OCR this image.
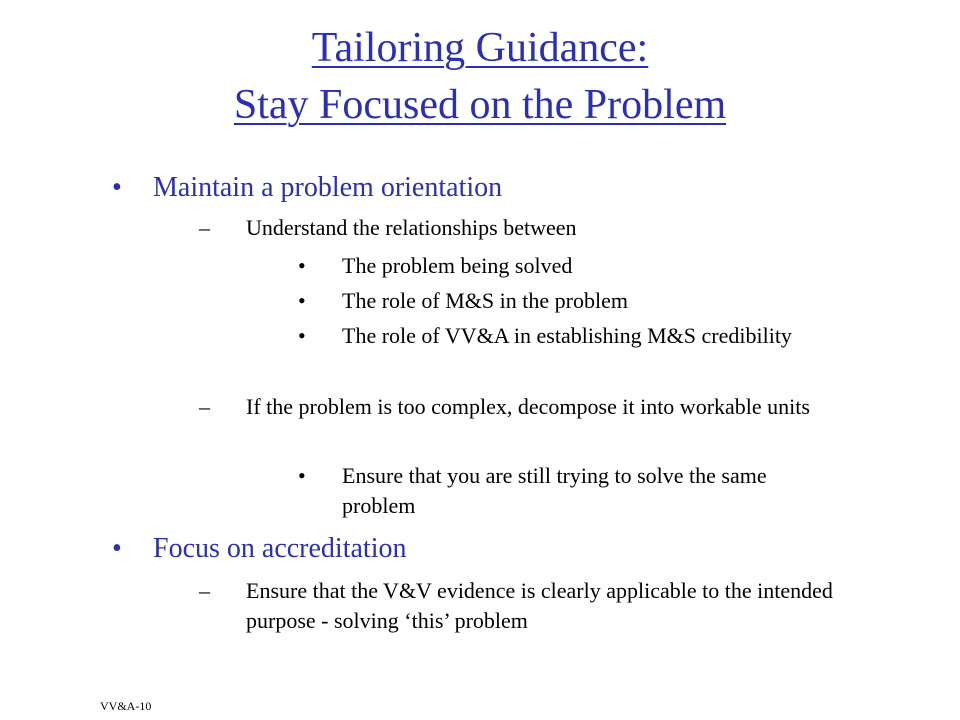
Tailoring Guidance:
Stay Focused on the Problem
• Maintain a problem orientation
– Understand the relationships between
• The problem being solved
• The role of M&S in the problem
• The role of VV&A in establishing M&S credibility
– If the problem is too complex, decompose it into workable units
• Ensure that you are still trying to solve the same problem
• Focus on accreditation
– Ensure that the V&V evidence is clearly applicable to the intended purpose - solving ‘this’ problem
VV&A-10
